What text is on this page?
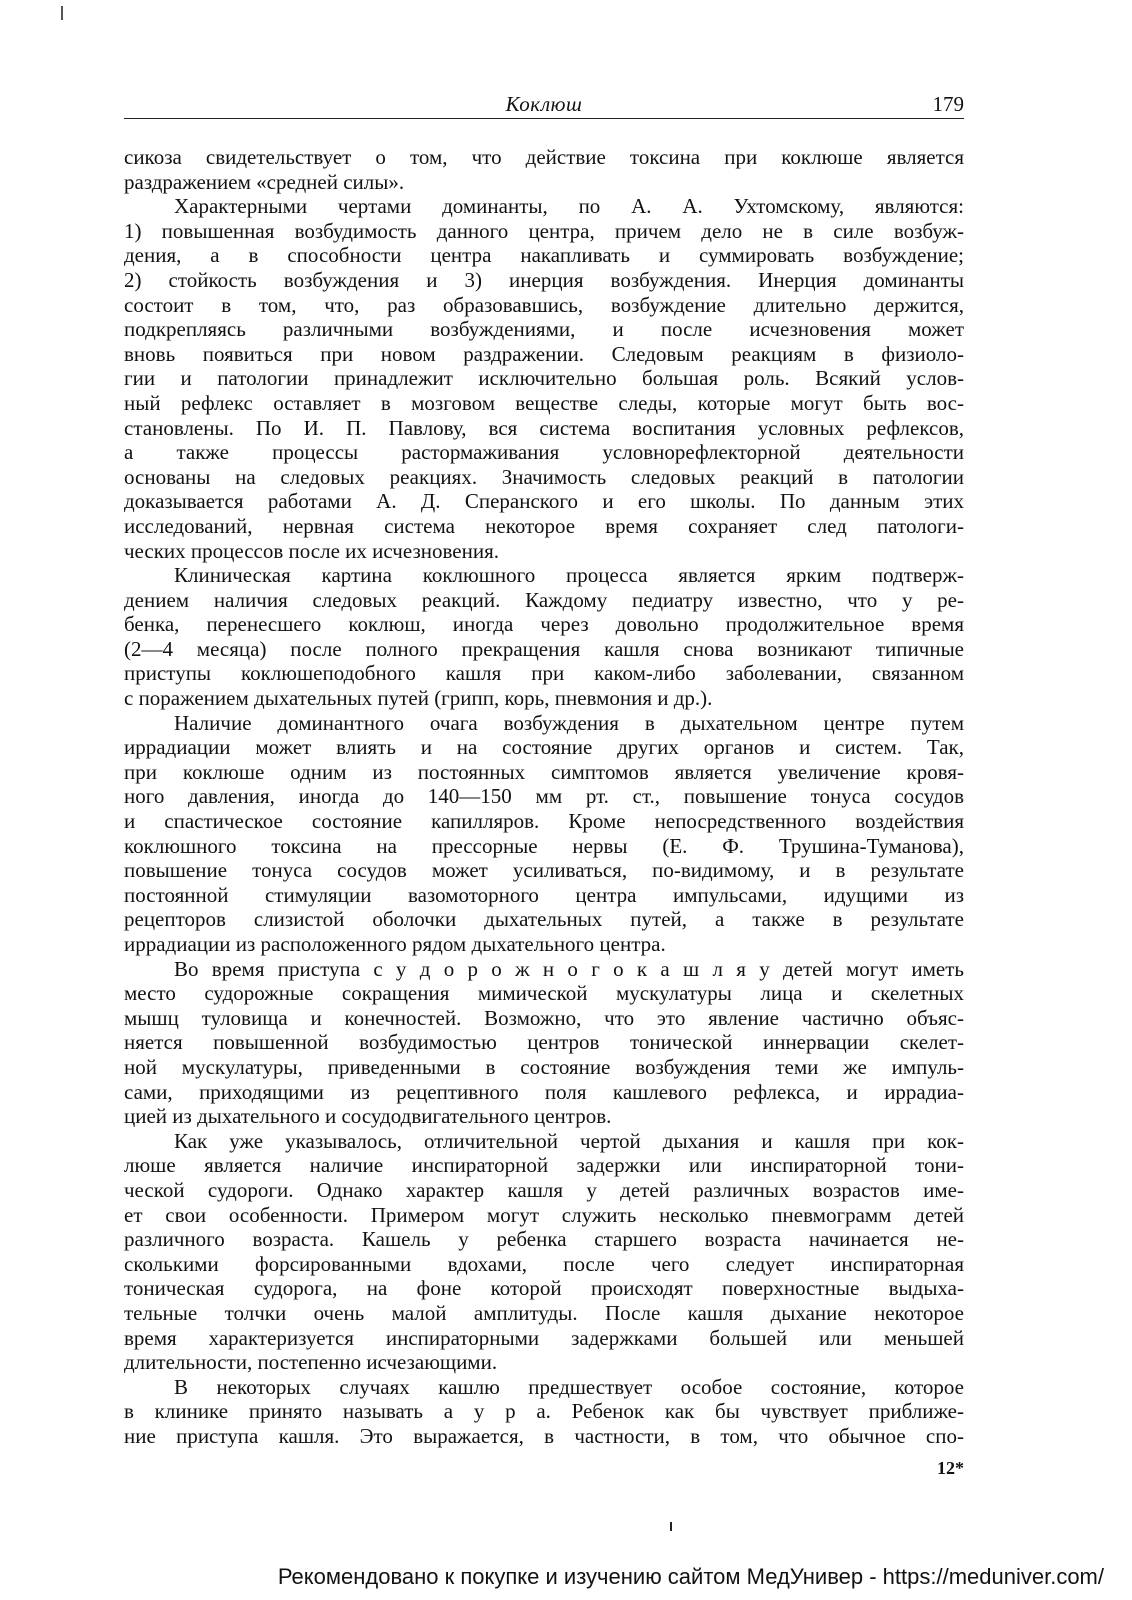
Коклюш	179
сикоза свидетельствует о том, что действие токсина при коклюше является
раздражением «средней силы».
Характерными чертами доминанты, по А. А. Ухтомскому, являются:
1) повышенная возбудимость данного центра, причем дело не в силе возбуж-
дения, а в способности центра накапливать и суммировать возбуждение;
2) стойкость возбуждения и 3) инерция возбуждения. Инерция доминанты
состоит в том, что, раз образовавшись, возбуждение длительно держится,
подкрепляясь различными возбуждениями, и после исчезновения может
вновь появиться при новом раздражении. Следовым реакциям в физиоло-
гии и патологии принадлежит исключительно большая роль. Всякий услов-
ный рефлекс оставляет в мозговом веществе следы, которые могут быть вос-
становлены. По И. П. Павлову, вся система воспитания условных рефлексов,
а также процессы растормаживания условнорефлекторной деятельности
основаны на следовых реакциях. Значимость следовых реакций в патологии
доказывается работами А. Д. Сперанского и его школы. По данным этих
исследований, нервная система некоторое время сохраняет след патологи-
ческих процессов после их исчезновения.
Клиническая картина коклюшного процесса является ярким подтверж-
дением наличия следовых реакций. Каждому педиатру известно, что у ре-
бенка, перенесшего коклюш, иногда через довольно продолжительное время
(2—4 месяца) после полного прекращения кашля снова возникают типичные
приступы коклюшеподобного кашля при каком-либо заболевании, связанном
с поражением дыхательных путей (грипп, корь, пневмония и др.).
Наличие доминантного очага возбуждения в дыхательном центре путем
иррадиации может влиять и на состояние других органов и систем. Так,
при коклюше одним из постоянных симптомов является увеличение кровя-
ного давления, иногда до 140—150 мм рт. ст., повышение тонуса сосудов
и спастическое состояние капилляров. Кроме непосредственного воздействия
коклюшного токсина на прессорные нервы (Е. Ф. Трушина-Туманова),
повышение тонуса сосудов может усиливаться, по-видимому, и в результате
постоянной стимуляции вазомоторного центра импульсами, идущими из
рецепторов слизистой оболочки дыхательных путей, а также в результате
иррадиации из расположенного рядом дыхательного центра.
Во время приступа с у д о р о ж н о г о к а ш л я у детей могут иметь
место судорожные сокращения мимической мускулатуры лица и скелетных
мышц туловища и конечностей. Возможно, что это явление частично объяс-
няется повышенной возбудимостью центров тонической иннервации скелет-
ной мускулатуры, приведенными в состояние возбуждения теми же импуль-
сами, приходящими из рецептивного поля кашлевого рефлекса, и иррадиа-
цией из дыхательного и сосудодвигательного центров.
Как уже указывалось, отличительной чертой дыхания и кашля при кок-
люше является наличие инспираторной задержки или инспираторной тони-
ческой судороги. Однако характер кашля у детей различных возрастов име-
ет свои особенности. Примером могут служить несколько пневмограмм детей
различного возраста. Кашель у ребенка старшего возраста начинается не-
сколькими форсированными вдохами, после чего следует инспираторная
тоническая судорога, на фоне которой происходят поверхностные выдыха-
тельные толчки очень малой амплитуды. После кашля дыхание некоторое
время характеризуется инспираторными задержками большей или меньшей
длительности, постепенно исчезающими.
В некоторых случаях кашлю предшествует особое состояние, которое
в клинике принято называть а у р а. Ребенок как бы чувствует приближе-
ние приступа кашля. Это выражается, в частности, в том, что обычное спо-
12*
Рекомендовано к покупке и изучению сайтом МедУнивер - https://meduniver.com/
